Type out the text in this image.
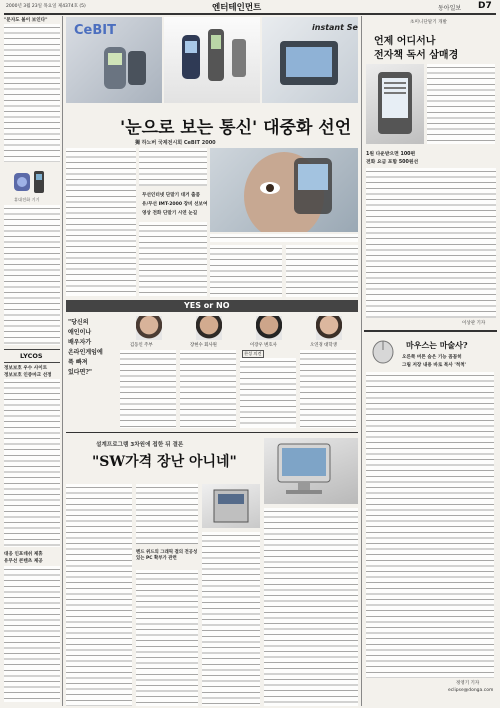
2000년 3월 23일 목요일 제4374호 (5)	엔터테인먼트	동아일보 D7
"문자도 볼이 보인다"
휴대전화 기기
LYCOS
정보보호 우수 사이트
정보보호 인증마크 선정
대웅 인포데쉬 제휴
유무선 콘텐츠 제공
CeBIT	instant Se
'눈으로 보는 통신' 대중화 선언
獨 하노버 국제전시회 CeBIT 2000
무선인터넷 단말기 대거 출품
유/무선 IMT-2000 장비 선보여
영상 전화 단말기 시연 눈길
초미니단말기 개발
언제 어디서나
전자책 독서 삼매경
1원 다운받으면 100편
전화 요금 포함 500원선
이상관 기자
마우스는 마술사?
오른쪽 버튼 숨은 기능 꼼꼼히
그림 저장 내용 바로 복사 '척척'
정영기 기자
eclipse@donga.com
YES or NO
"당신의
애인이나
배우자가
온라인게임에
푹 빠져
있다면?"
김동인 주부	장현수 회사원	이장우 변호사
찬성 의견
오연경 대학생
설계프로그램 3차원에 접한 뒤 결론
"SW가격 장난 아니네"
벤드 위드의 그래픽 결의 전공성있는 PC 확부가 관련
